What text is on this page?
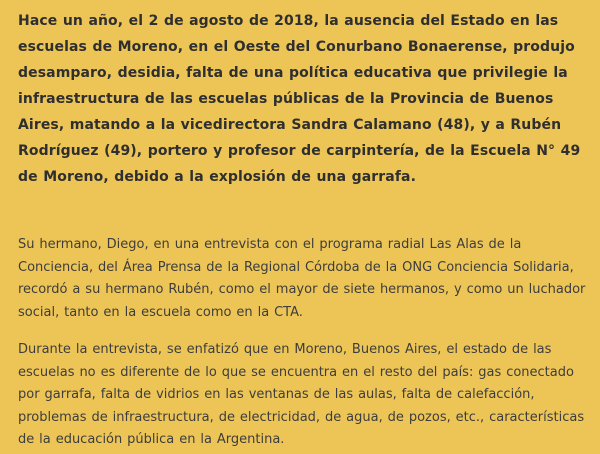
Hace un año, el 2 de agosto de 2018, la ausencia del Estado en las escuelas de Moreno, en el Oeste del Conurbano Bonaerense, produjo desamparo, desidia, falta de una política educativa que privilegie la infraestructura de las escuelas públicas de la Provincia de Buenos Aires, matando a la vicedirectora Sandra Calamano (48), y a Rubén Rodríguez (49), portero y profesor de carpintería, de la Escuela N° 49 de Moreno, debido a la explosión de una garrafa.

Su hermano, Diego, en una entrevista con el programa radial Las Alas de la Conciencia, del Área Prensa de la Regional Córdoba de la ONG Conciencia Solidaria, recordó a su hermano Rubén, como el mayor de siete hermanos, y como un luchador social, tanto en la escuela como en la CTA.

Durante la entrevista, se enfatizó que en Moreno, Buenos Aires, el estado de las escuelas no es diferente de lo que se encuentra en el resto del país: gas conectado por garrafa, falta de vidrios en las ventanas de las aulas, falta de calefacción, problemas de infraestructura, de electricidad, de agua, de pozos, etc., características de la educación pública en la Argentina.
